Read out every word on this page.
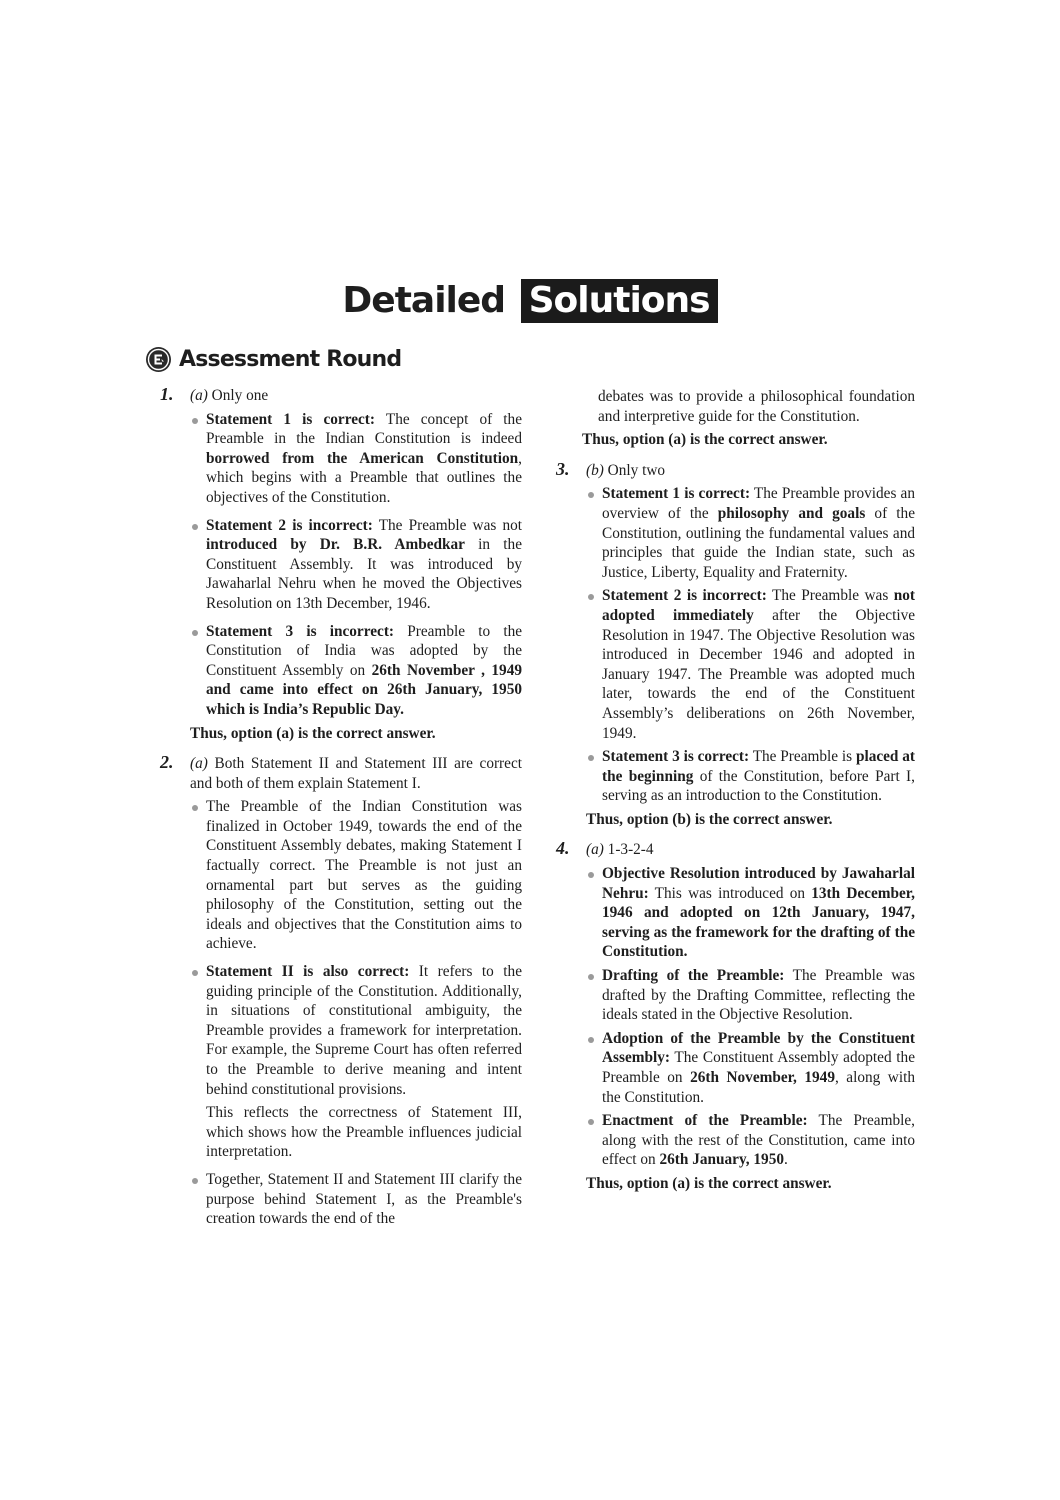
Detailed Solutions
Assessment Round
1. (a) Only one
Statement 1 is correct: The concept of the Preamble in the Indian Constitution is indeed borrowed from the American Constitution, which begins with a Preamble that outlines the objectives of the Constitution.
Statement 2 is incorrect: The Preamble was not introduced by Dr. B.R. Ambedkar in the Constituent Assembly. It was introduced by Jawaharlal Nehru when he moved the Objectives Resolution on 13th December, 1946.
Statement 3 is incorrect: Preamble to the Constitution of India was adopted by the Constituent Assembly on 26th November , 1949 and came into effect on 26th January, 1950 which is India’s Republic Day.
Thus, option (a) is the correct answer.
2. (a) Both Statement II and Statement III are correct and both of them explain Statement I.
The Preamble of the Indian Constitution was finalized in October 1949, towards the end of the Constituent Assembly debates, making Statement I factually correct. The Preamble is not just an ornamental part but serves as the guiding philosophy of the Constitution, setting out the ideals and objectives that the Constitution aims to achieve.
Statement II is also correct: It refers to the guiding principle of the Constitution. Additionally, in situations of constitutional ambiguity, the Preamble provides a framework for interpretation. For example, the Supreme Court has often referred to the Preamble to derive meaning and intent behind constitutional provisions.
This reflects the correctness of Statement III, which shows how the Preamble influences judicial interpretation.
Together, Statement II and Statement III clarify the purpose behind Statement I, as the Preamble's creation towards the end of the
debates was to provide a philosophical foundation and interpretive guide for the Constitution.
Thus, option (a) is the correct answer.
3. (b) Only two
Statement 1 is correct: The Preamble provides an overview of the philosophy and goals of the Constitution, outlining the fundamental values and principles that guide the Indian state, such as Justice, Liberty, Equality and Fraternity.
Statement 2 is incorrect: The Preamble was not adopted immediately after the Objective Resolution in 1947. The Objective Resolution was introduced in December 1946 and adopted in January 1947. The Preamble was adopted much later, towards the end of the Constituent Assembly’s deliberations on 26th November, 1949.
Statement 3 is correct: The Preamble is placed at the beginning of the Constitution, before Part I, serving as an introduction to the Constitution.
Thus, option (b) is the correct answer.
4. (a) 1-3-2-4
Objective Resolution introduced by Jawaharlal Nehru: This was introduced on 13th December, 1946 and adopted on 12th January, 1947, serving as the framework for the drafting of the Constitution.
Drafting of the Preamble: The Preamble was drafted by the Drafting Committee, reflecting the ideals stated in the Objective Resolution.
Adoption of the Preamble by the Constituent Assembly: The Constituent Assembly adopted the Preamble on 26th November, 1949, along with the Constitution.
Enactment of the Preamble: The Preamble, along with the rest of the Constitution, came into effect on 26th January, 1950.
Thus, option (a) is the correct answer.
